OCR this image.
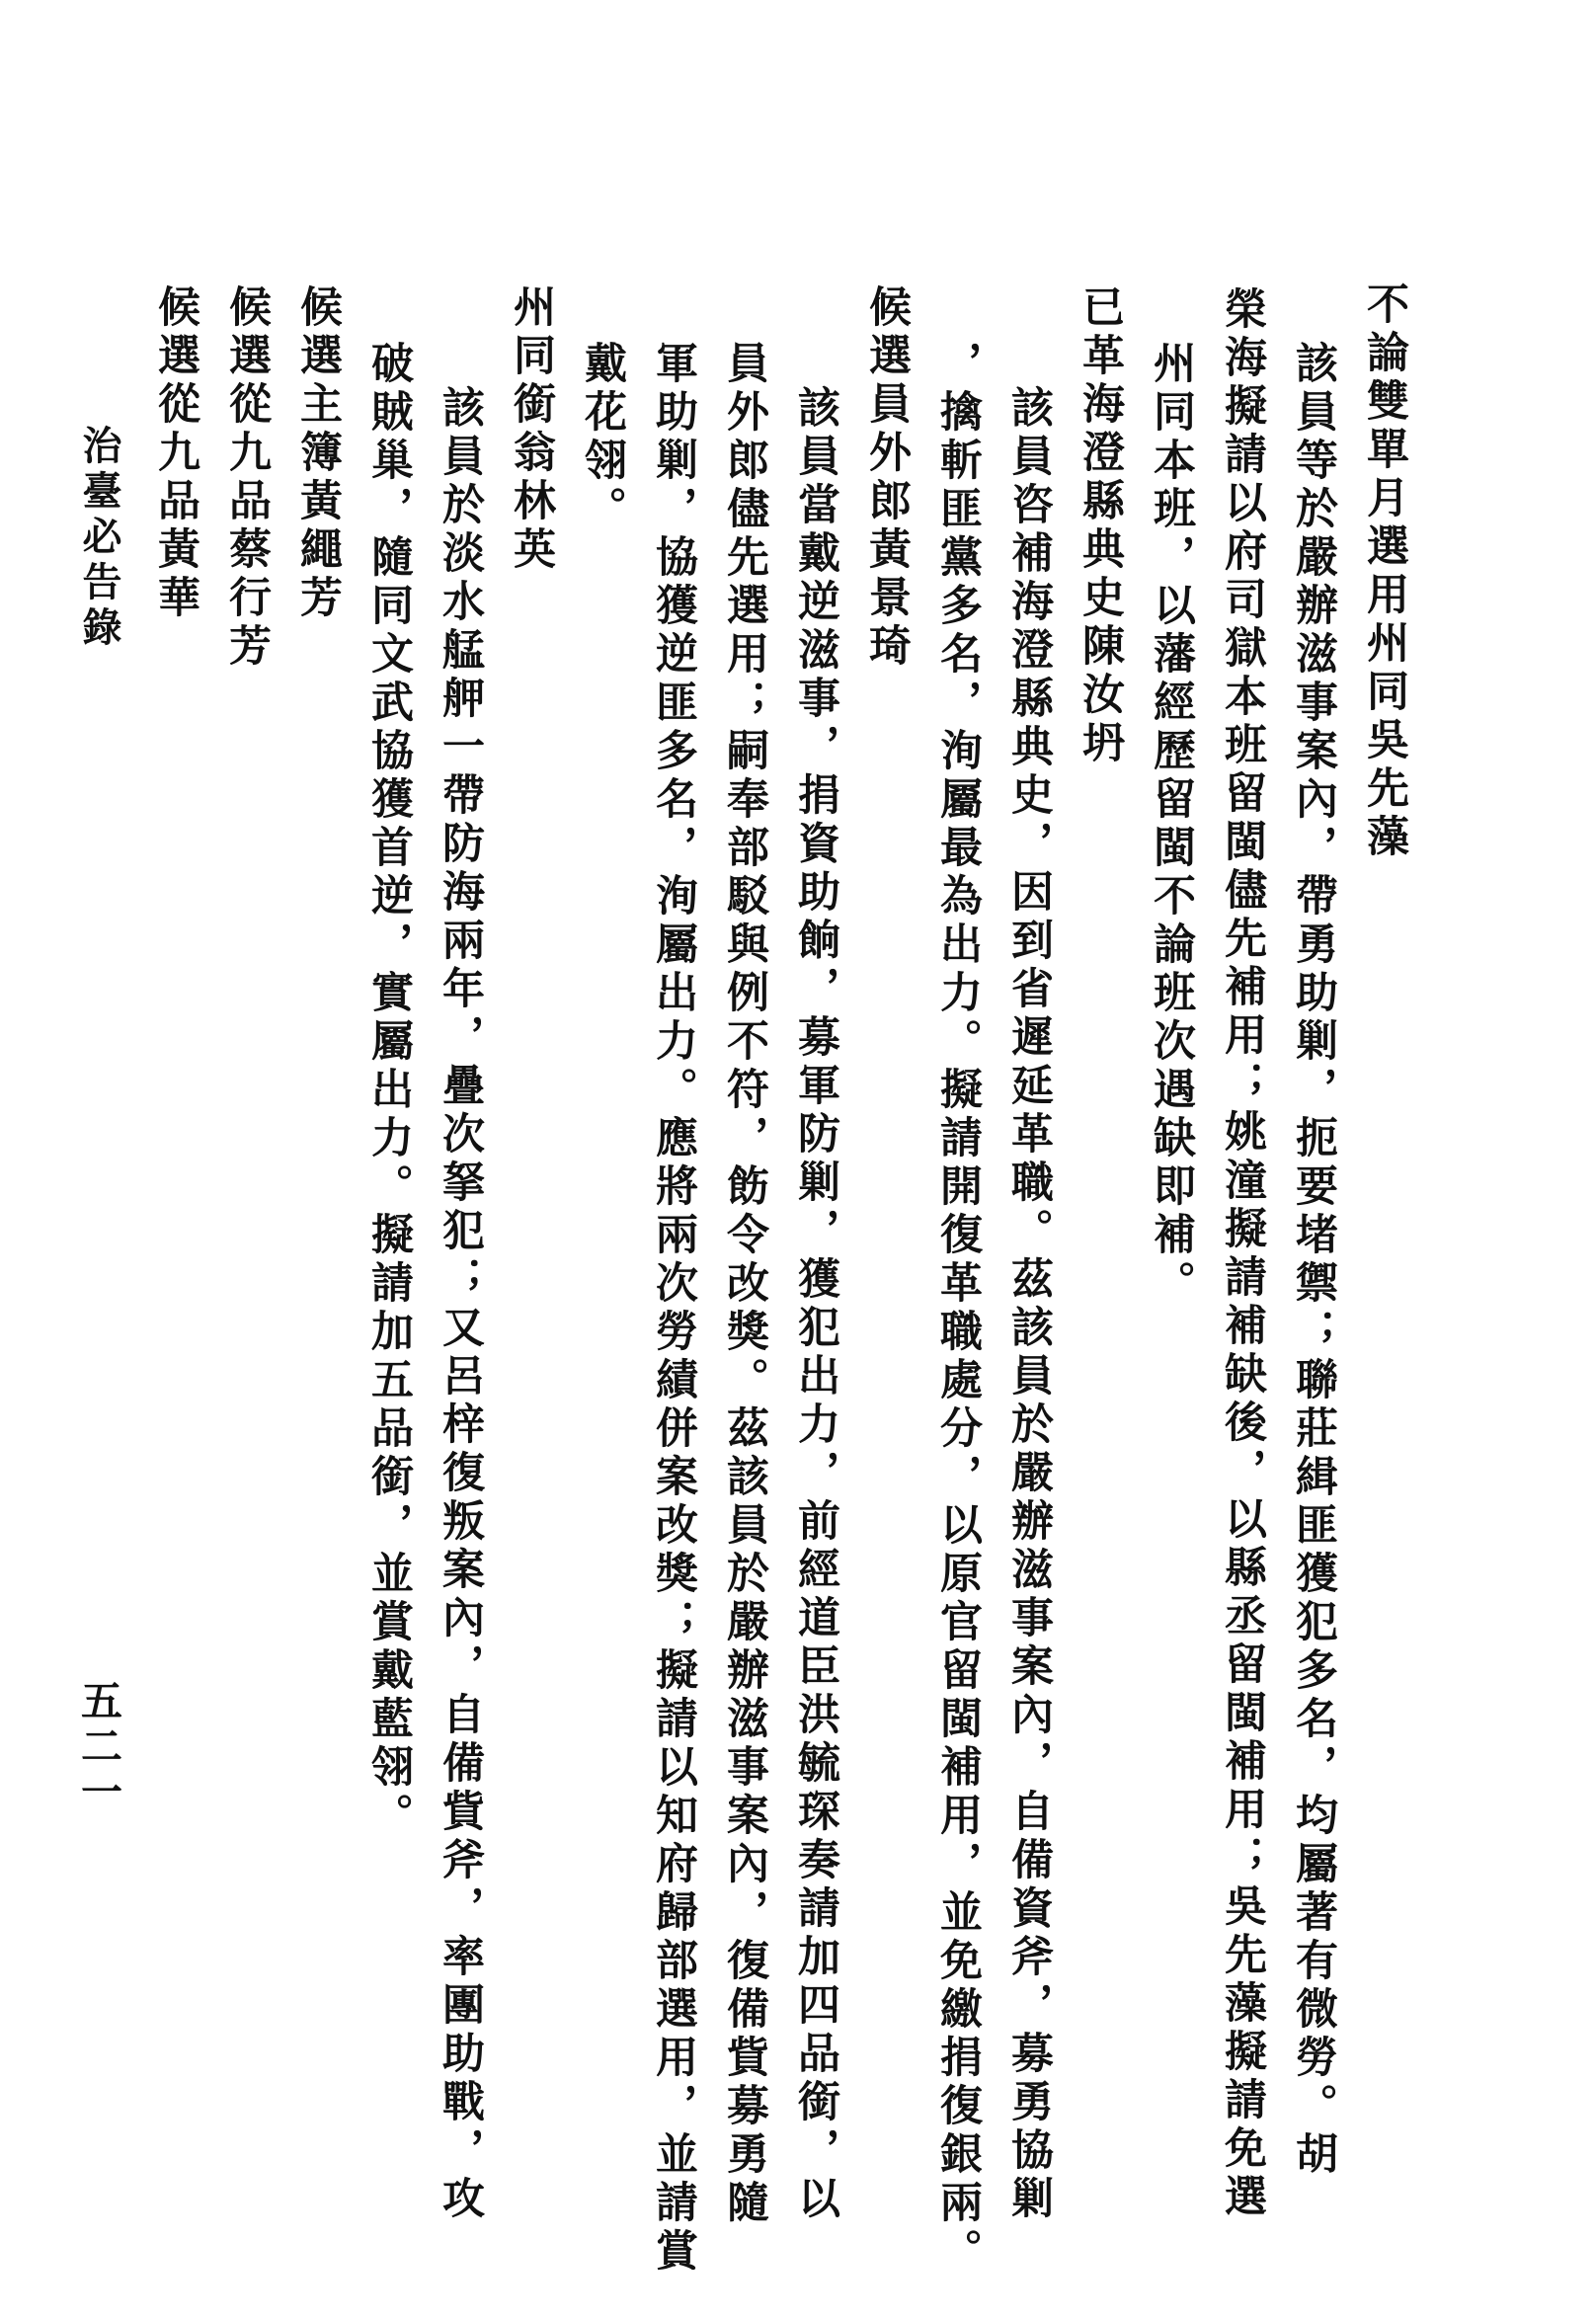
不論雙單月選用州同吳先藻
該員等於嚴辦滋事案內，帶勇助剿，扼要堵禦；聯莊緝匪獲犯多名，均屬著有微勞。胡
榮海擬請以府司獄本班留閩儘先補用；姚潼擬請補缺後，以縣丞留閩補用；吳先藻擬請免選
州同本班，以藩經歷留閩不論班次遇缺即補。
已革海澄縣典史陳汝坍
該員咨補海澄縣典史，因到省遲延革職。茲該員於嚴辦滋事案內，自備資斧，募勇協剿
，擒斬匪黨多名，洵屬最為出力。擬請開復革職處分，以原官留閩補用，並免繳捐復銀兩。
候選員外郎黃景琦
該員當戴逆滋事，捐資助餉，募軍防剿，獲犯出力，前經道臣洪毓琛奏請加四品銜，以
員外郎儘先選用；嗣奉部駁與例不符，飭令改獎。茲該員於嚴辦滋事案內，復備貲募勇隨
軍助剿，協獲逆匪多名，洵屬出力。應將兩次勞績併案改獎；擬請以知府歸部選用，並請賞
戴花翎。
州同銜翁林英
該員於淡水艋舺一帶防海兩年，疊次拏犯；又呂梓復叛案內，自備貲斧，率團助戰，攻
破賊巢，隨同文武協獲首逆，實屬出力。擬請加五品銜，並賞戴藍翎。
候選主簿黃繩芳
候選從九品蔡行芳
候選從九品黃華
治臺必告錄
五二一
